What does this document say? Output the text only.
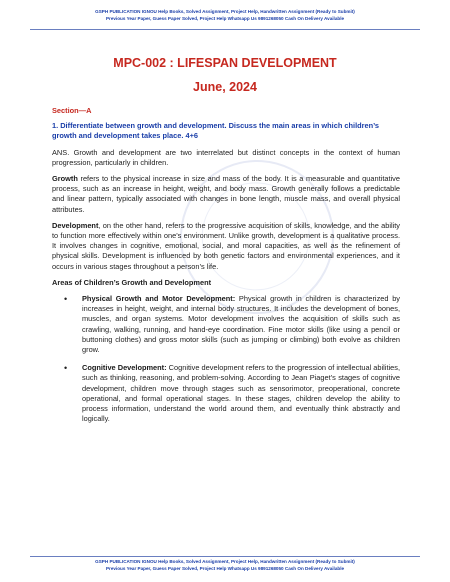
GSPH PUBLICATION IGNOU Help Books, Solved Assignment, Project Help, Handwritten Assignment (Ready to Submit)
Previous Year Paper, Guess Paper Solved, Project Help Whatsapp Us 9891268050 Cash On Delivery Available
MPC-002 : LIFESPAN DEVELOPMENT
June, 2024
Section—A
1. Differentiate between growth and development. Discuss the main areas in which children’s growth and development takes place. 4+6

ANS. Growth and development are two interrelated but distinct concepts in the context of human progression, particularly in children.

Growth refers to the physical increase in size and mass of the body. It is a measurable and quantitative process, such as an increase in height, weight, and body mass. Growth generally follows a predictable and linear pattern, typically associated with changes in bone length, muscle mass, and overall physical attributes.

Development, on the other hand, refers to the progressive acquisition of skills, knowledge, and the ability to function more effectively within one’s environment. Unlike growth, development is a qualitative process. It involves changes in cognitive, emotional, social, and moral capacities, as well as the refinement of physical skills. Development is influenced by both genetic factors and environmental experiences, and it occurs in various stages throughout a person’s life.

Areas of Children’s Growth and Development
•	Physical Growth and Motor Development: Physical growth in children is characterized by increases in height, weight, and internal body structures. It includes the development of bones, muscles, and organ systems. Motor development involves the acquisition of skills such as crawling, walking, running, and hand-eye coordination. Fine motor skills (like using a pencil or buttoning clothes) and gross motor skills (such as jumping or climbing) both evolve as children grow.
•	Cognitive Development: Cognitive development refers to the progression of intellectual abilities, such as thinking, reasoning, and problem-solving. According to Jean Piaget’s stages of cognitive development, children move through stages such as sensorimotor, preoperational, concrete operational, and formal operational stages. In these stages, children develop the ability to process information, understand the world around them, and eventually think abstractly and logically.
GSPH PUBLICATION IGNOU Help Books, Solved Assignment, Project Help, Handwritten Assignment (Ready to Submit)
Previous Year Paper, Guess Paper Solved, Project Help Whatsapp Us 9891268050 Cash On Delivery Available
